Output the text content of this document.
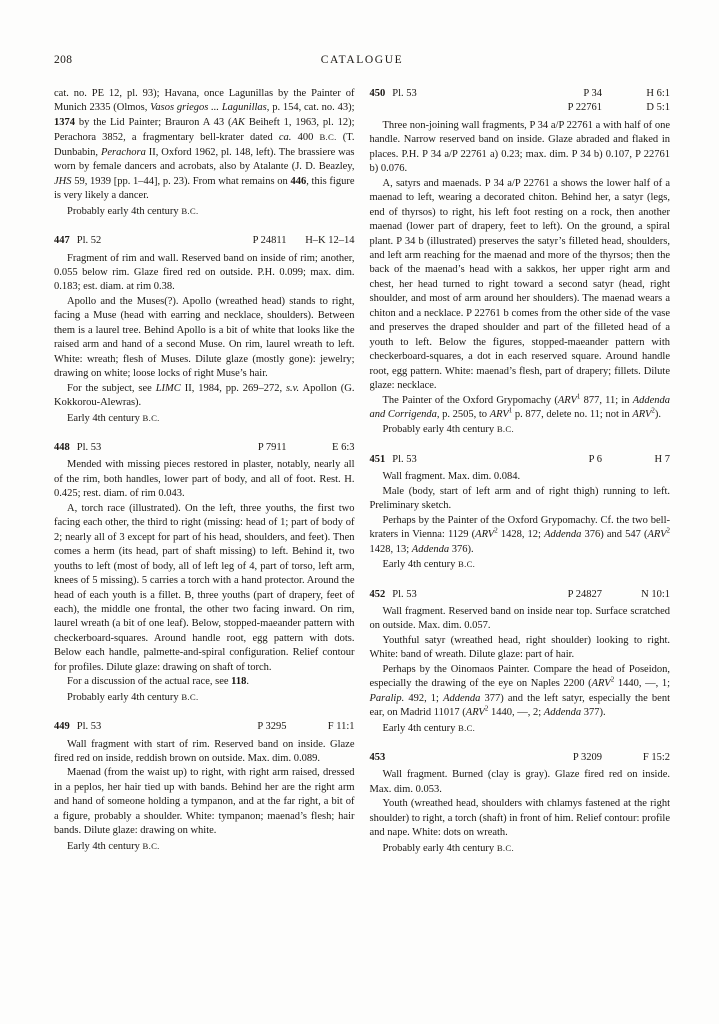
208	CATALOGUE

cat. no. PE 12, pl. 93); Havana, once Lagunillas by the Painter of Munich 2335 (Olmos, Vasos griegos ... Lagunillas, p. 154, cat. no. 43); 1374 by the Lid Painter; Brauron A 43 (AK Beiheft 1, 1963, pl. 12); Perachora 3852, a fragmentary bell-krater dated ca. 400 B.C. (T. Dunbabin, Perachora II, Oxford 1962, pl. 148, left). The brassiere was worn by female dancers and acrobats, also by Atalante (J. D. Beazley, JHS 59, 1939 [pp. 1–44], p. 23). From what remains on 446, this figure is very likely a dancer.

Probably early 4th century B.C.

447 Pl. 52	P 24811	H–K 12–14

Fragment of rim and wall. Reserved band on inside of rim; another, 0.055 below rim. Glaze fired red on outside. P.H. 0.099; max. dim. 0.183; est. diam. at rim 0.38.

Apollo and the Muses(?). Apollo (wreathed head) stands to right, facing a Muse (head with earring and necklace, shoulders). Between them is a laurel tree. Behind Apollo is a bit of white that looks like the raised arm and hand of a second Muse. On rim, laurel wreath to left. White: wreath; flesh of Muses. Dilute glaze (mostly gone): jewelry; drawing on white; loose locks of right Muse’s hair.

For the subject, see LIMC II, 1984, pp. 269–272, s.v. Apollon (G. Kokkorou-Alewras).

Early 4th century B.C.

448 Pl. 53	P 7911	E 6:3

Mended with missing pieces restored in plaster, notably, nearly all of the rim, both handles, lower part of body, and all of foot. Rest. H. 0.425; rest. diam. of rim 0.043.

A, torch race (illustrated). On the left, three youths, the first two facing each other, the third to right (missing: head of 1; part of body of 2; nearly all of 3 except for part of his head, shoulders, and feet). Then comes a herm (its head, part of shaft missing) to left. Behind it, two youths to left (most of body, all of left leg of 4, part of torso, left arm, knees of 5 missing). 5 carries a torch with a hand protector. Around the head of each youth is a fillet. B, three youths (part of drapery, feet of each), the middle one frontal, the other two facing inward. On rim, laurel wreath (a bit of one leaf). Below, stopped-maeander pattern with checkerboard-squares. Around handle root, egg pattern with dots. Below each handle, palmette-and-spiral configuration. Relief contour for profiles. Dilute glaze: drawing on shaft of torch.

For a discussion of the actual race, see 118.

Probably early 4th century B.C.

449 Pl. 53	P 3295	F 11:1

Wall fragment with start of rim. Reserved band on inside. Glaze fired red on inside, reddish brown on outside. Max. dim. 0.089.

Maenad (from the waist up) to right, with right arm raised, dressed in a peplos, her hair tied up with bands. Behind her are the right arm and hand of someone holding a tympanon, and at the far right, a bit of a figure, probably a shoulder. White: tympanon; maenad’s flesh; hair bands. Dilute glaze: drawing on white.

Early 4th century B.C.

450 Pl. 53	P 34	H 6:1
P 22761	D 5:1

Three non-joining wall fragments, P 34 a/P 22761 a with half of one handle. Narrow reserved band on inside. Glaze abraded and flaked in places. P.H. P 34 a/P 22761 a) 0.23; max. dim. P 34 b) 0.107, P 22761 b) 0.076.

A, satyrs and maenads. P 34 a/P 22761 a shows the lower half of a maenad to left, wearing a decorated chiton. Behind her, a satyr (legs, end of thyrsos) to right, his left foot resting on a rock, then another maenad (lower part of drapery, feet to left). On the ground, a spiral plant. P 34 b (illustrated) preserves the satyr’s filleted head, shoulders, and left arm reaching for the maenad and more of the thyrsos; then the back of the maenad’s head with a sakkos, her upper right arm and chest, her head turned to right toward a second satyr (head, right shoulder, and most of arm around her shoulders). The maenad wears a chiton and a necklace. P 22761 b comes from the other side of the vase and preserves the draped shoulder and part of the filleted head of a youth to left. Below the figures, stopped-maeander pattern with checkerboard-squares, a dot in each reserved square. Around handle root, egg pattern. White: maenad’s flesh, part of drapery; fillets. Dilute glaze: necklace.

The Painter of the Oxford Grypomachy (ARV$^1$ 877, 11; in Addenda and Corrigenda, p. 2505, to ARV$^1$ p. 877, delete no. 11; not in ARV$^2$).

Probably early 4th century B.C.

451 Pl. 53	P 6	H 7

Wall fragment. Max. dim. 0.084.

Male (body, start of left arm and of right thigh) running to left. Preliminary sketch.

Perhaps by the Painter of the Oxford Grypomachy. Cf. the two bell-kraters in Vienna: 1129 (ARV$^2$ 1428, 12; Addenda 376) and 547 (ARV$^2$ 1428, 13; Addenda 376).

Early 4th century B.C.

452 Pl. 53	P 24827	N 10:1

Wall fragment. Reserved band on inside near top. Surface scratched on outside. Max. dim. 0.057.

Youthful satyr (wreathed head, right shoulder) looking to right. White: band of wreath. Dilute glaze: part of hair.

Perhaps by the Oinomaos Painter. Compare the head of Poseidon, especially the drawing of the eye on Naples 2200 (ARV$^2$ 1440, —, 1; Paralip. 492, 1; Addenda 377) and the left satyr, especially the bent ear, on Madrid 11017 (ARV$^2$ 1440, —, 2; Addenda 377).

Early 4th century B.C.

453	P 3209	F 15:2

Wall fragment. Burned (clay is gray). Glaze fired red on inside. Max. dim. 0.053.

Youth (wreathed head, shoulders with chlamys fastened at the right shoulder) to right, a torch (shaft) in front of him. Relief contour: profile and nape. White: dots on wreath.

Probably early 4th century B.C.
